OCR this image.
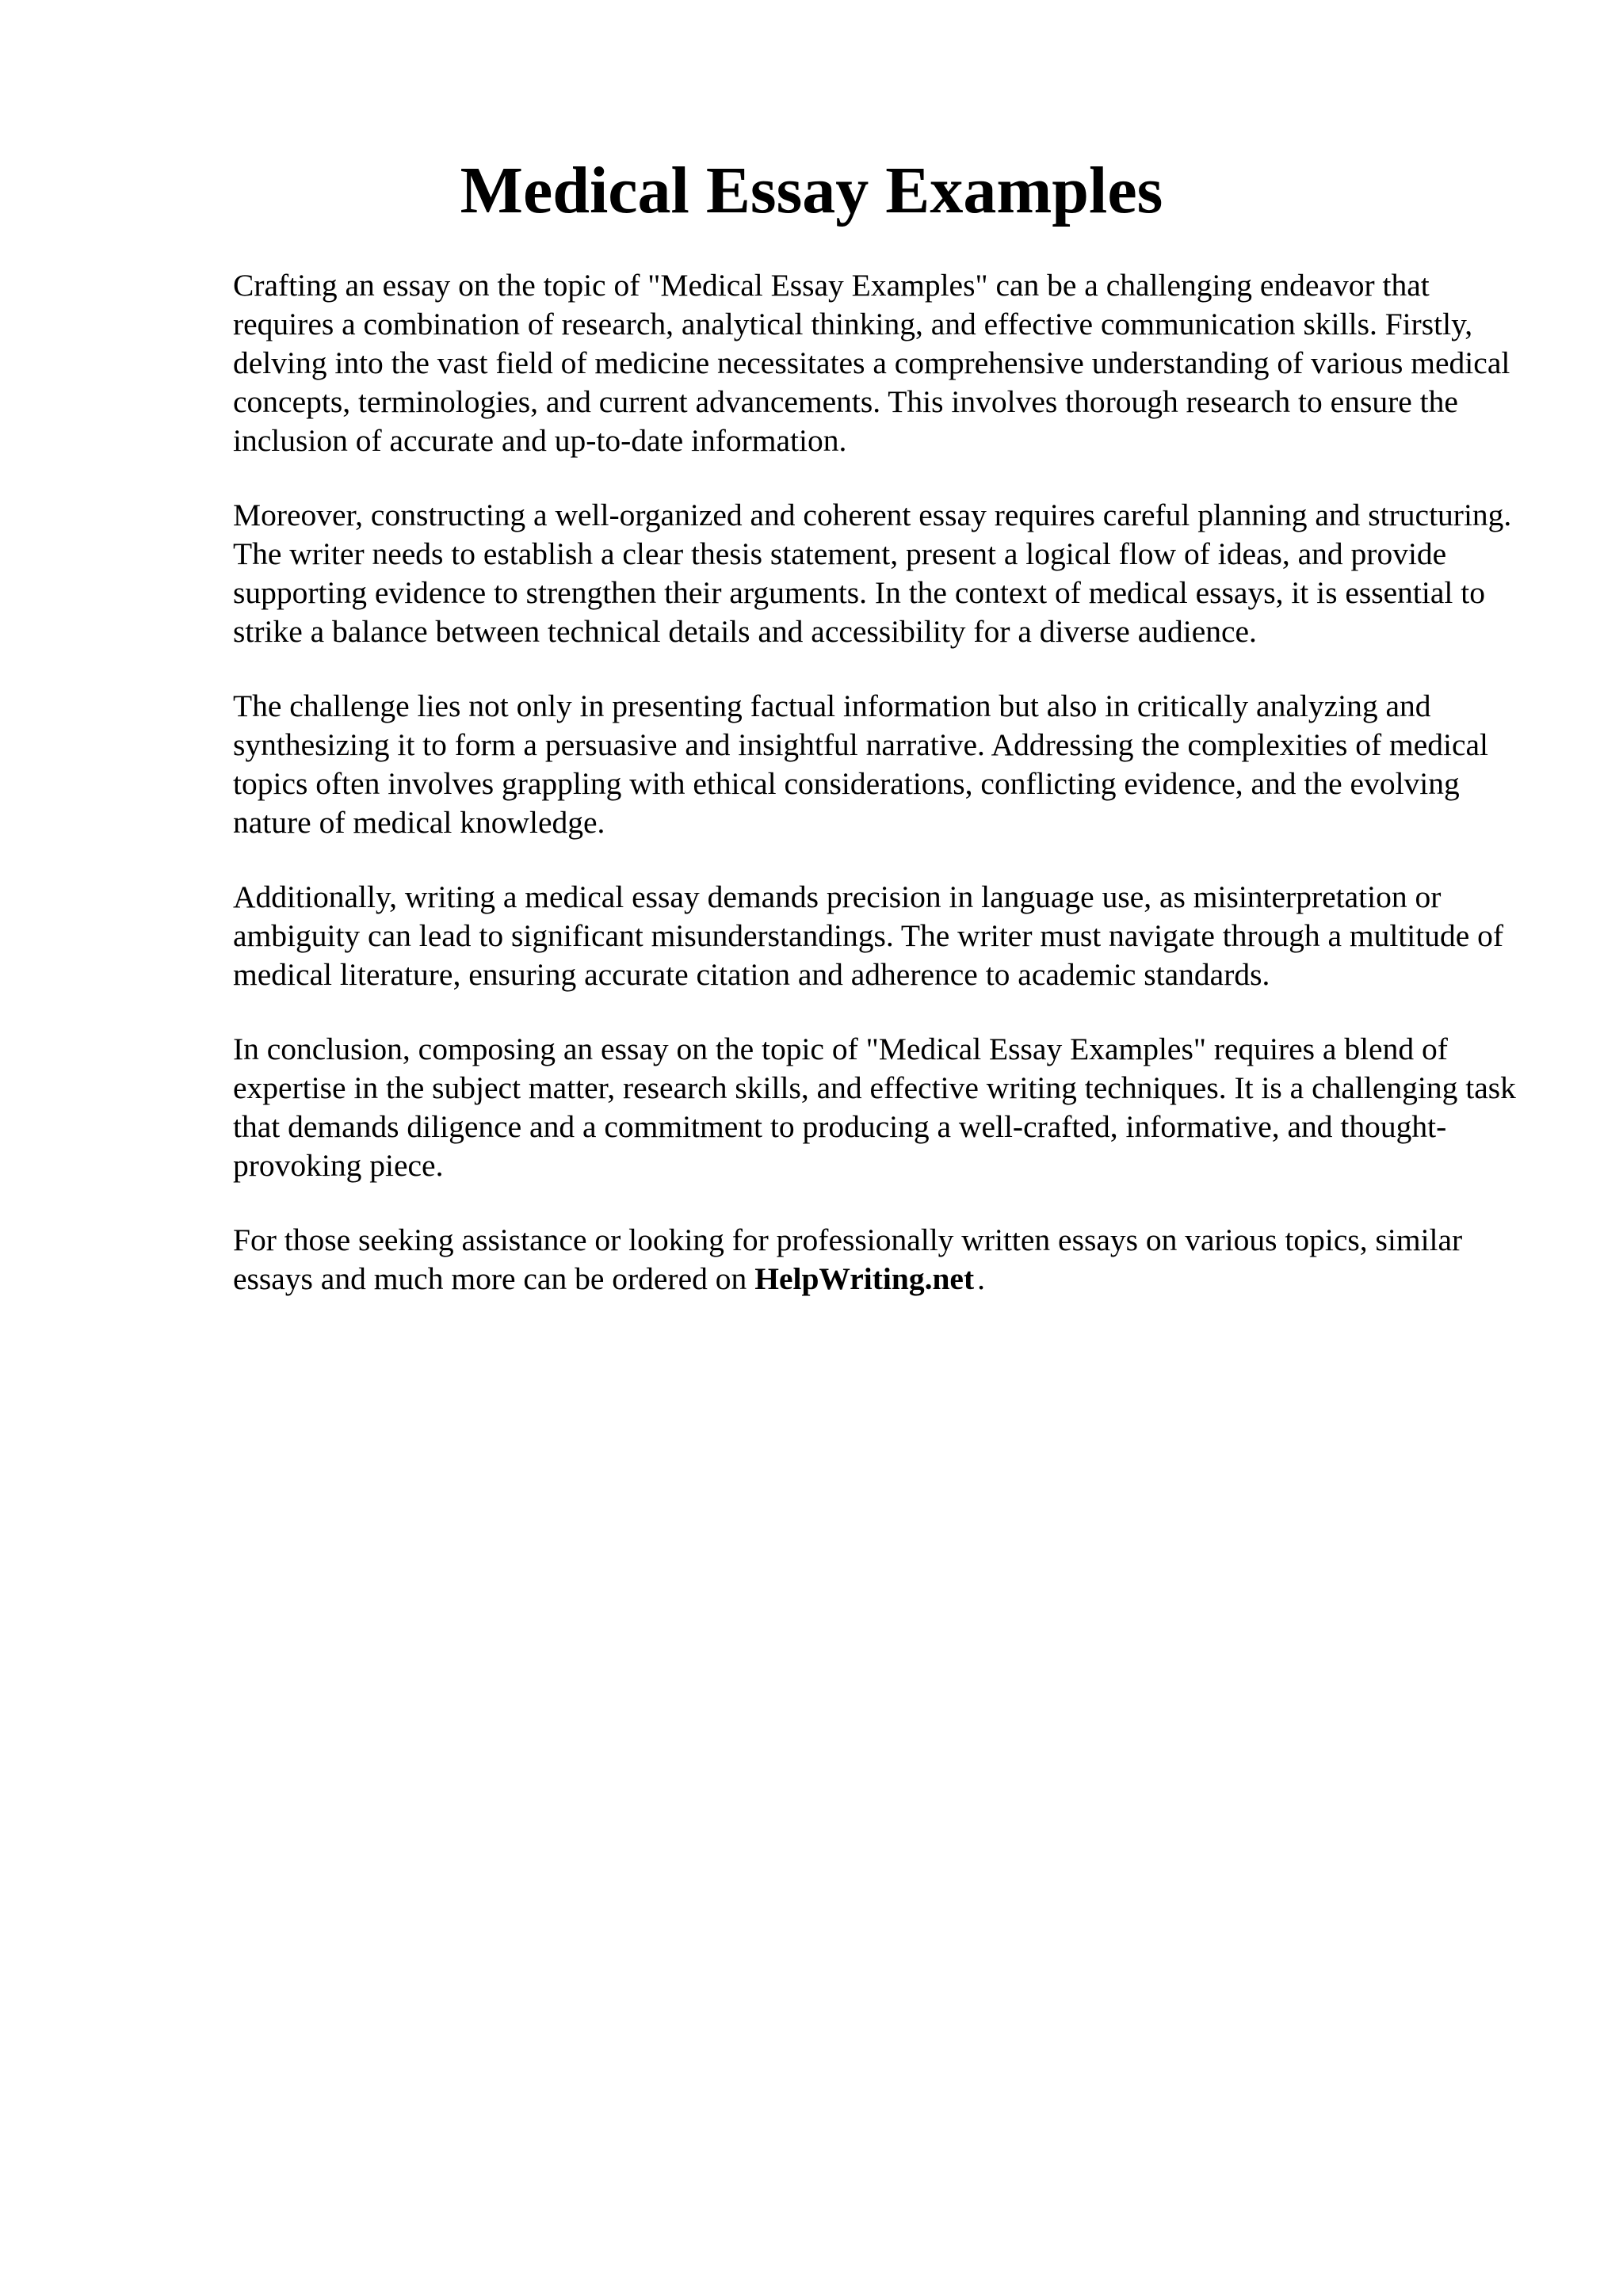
Medical Essay Examples

Crafting an essay on the topic of "Medical Essay Examples" can be a challenging endeavor that requires a combination of research, analytical thinking, and effective communication skills. Firstly, delving into the vast field of medicine necessitates a comprehensive understanding of various medical concepts, terminologies, and current advancements. This involves thorough research to ensure the inclusion of accurate and up-to-date information.

Moreover, constructing a well-organized and coherent essay requires careful planning and structuring. The writer needs to establish a clear thesis statement, present a logical flow of ideas, and provide supporting evidence to strengthen their arguments. In the context of medical essays, it is essential to strike a balance between technical details and accessibility for a diverse audience.

The challenge lies not only in presenting factual information but also in critically analyzing and synthesizing it to form a persuasive and insightful narrative. Addressing the complexities of medical topics often involves grappling with ethical considerations, conflicting evidence, and the evolving nature of medical knowledge.

Additionally, writing a medical essay demands precision in language use, as misinterpretation or ambiguity can lead to significant misunderstandings. The writer must navigate through a multitude of medical literature, ensuring accurate citation and adherence to academic standards.

In conclusion, composing an essay on the topic of "Medical Essay Examples" requires a blend of expertise in the subject matter, research skills, and effective writing techniques. It is a challenging task that demands diligence and a commitment to producing a well-crafted, informative, and thought-provoking piece.

For those seeking assistance or looking for professionally written essays on various topics, similar essays and much more can be ordered on HelpWriting.net .
